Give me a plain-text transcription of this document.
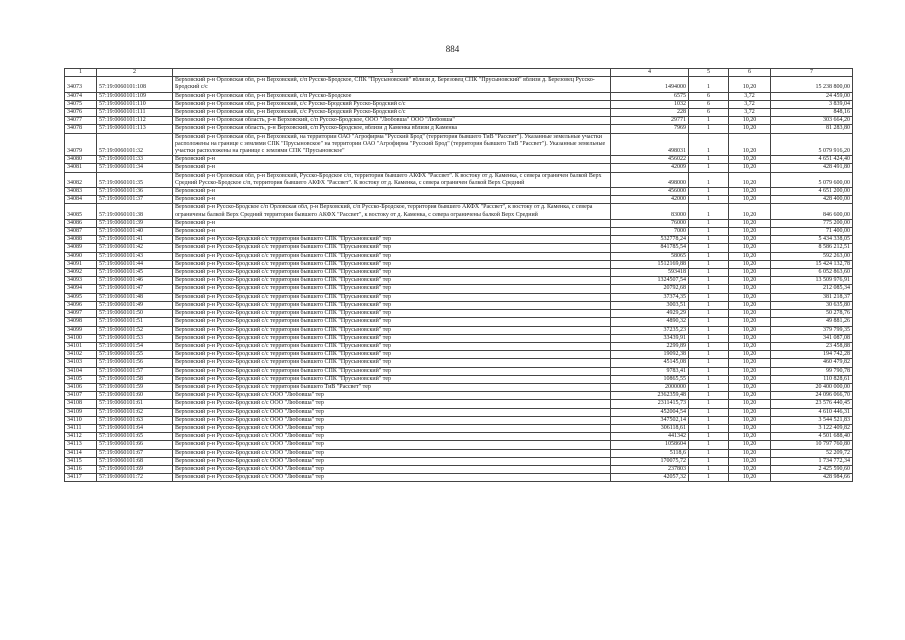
884
1	2	3	4	5	6	7
34073	57:19:0060101:108	Верховский р-н Орловская обл, р-н Верховский, с/п Русско-Бродское, СПК "Прусыновский" вблизи д. Березовец СПК "Прусыновский" вблизи д. Березовец Русско-Бродский с/с	1494000	1	10,20	15 238 800,00
34074	57:19:0060101:109	Верховский р-н Орловская обл, р-н Верховский, с/п Русско-Бродское	6575	6	3,72	24 459,00
34075	57:19:0060101:110	Верховский р-н Орловская обл, р-н Верховский, с/с Русско-Бродский Русско-Бродский с/с	1032	6	3,72	3 839,04
34076	57:19:0060101:111	Верховский р-н Орловская обл, р-н Верховский, с/с Русско-Бродский Русско-Бродский с/с	228	6	3,72	848,16
34077	57:19:0060101:112	Верховский р-н Орловская область, р-н Верховский, с/п Русско-Бродское, ООО "Любовша" ООО "Любовша"	29771	1	10,20	303 664,20
34078	57:19:0060101:113	Верховский р-н Орловская область, р-н Верховский, с/п Русско-Бродское, вблизи д Каменка вблизи д Каменка	7969	1	10,20	81 283,80
34079	57:19:0060101:32	Верховский р-н Орловская обл, р-н Верховский, на территории ОАО "Агрофирма "Русский Брод" (территория бывшего ТиВ "Рассвет"). Указанные земельные участки расположены на границе с землями СПК "Прусыновское" на территории ОАО "Агрофирма "Русский Брод" (территория бывшего ТиВ "Рассвет"). Указанные земельные участки расположены на границе с землями СПК "Прусыновское"	498031	1	10,20	5 079 916,20
34080	57:19:0060101:33	Верховский р-н	456022	1	10,20	4 651 424,40
34081	57:19:0060101:34	Верховский р-н	42009	1	10,20	428 491,80
34082	57:19:0060101:35	Верховский р-н Орловская обл, р-н Верховский, Русско-Бродское с/п, территория бывшего АКФХ "Рассвет". К востоку от д. Каменка, с севера ограничен балкой Верх Средний Русско-Бродское с/п, территория бывшего АКФХ "Рассвет". К востоку от д. Каменка, с севера ограничен балкой Верх Средний	498000	1	10,20	5 079 600,00
34083	57:19:0060101:36	Верховский р-н	456000	1	10,20	4 651 200,00
34084	57:19:0060101:37	Верховский р-н	42000	1	10,20	428 400,00
34085	57:19:0060101:38	Верховский р-н Русско-Бродское с/п Орловская обл, р-н Верховский, с/п Русско-Бродское, территория бывшего АКФХ "Рассвет", к востоку от д. Каменка, с севера ограничены балкой Верх Средний территория бывшего АКФХ "Рассвет", к востоку от д. Каменка, с севера ограничены балкой Верх Средний	83000	1	10,20	846 600,00
34086	57:19:0060101:39	Верховский р-н	76000	1	10,20	775 200,00
34087	57:19:0060101:40	Верховский р-н	7000	1	10,20	71 400,00
34088	57:19:0060101:41	Верховский р-н Русско-Бродский с/с территория бывшего СПК "Прусыновский" тер	532778,24	1	10,20	5 434 338,05
34089	57:19:0060101:42	Верховский р-н Русско-Бродский с/с территория бывшего СПК "Прусыновский" тер	841785,54	1	10,20	8 586 212,51
34090	57:19:0060101:43	Верховский р-н Русско-Бродский с/с территория бывшего СПК "Прусыновский" тер	58065	1	10,20	592 263,00
34091	57:19:0060101:44	Верховский р-н Русско-Бродский с/с территория бывшего СПК "Прусыновский" тер	1512169,88	1	10,20	15 424 132,78
34092	57:19:0060101:45	Верховский р-н Русско-Бродский с/с территория бывшего СПК "Прусыновский" тер	593418	1	10,20	6 052 863,60
34093	57:19:0060101:46	Верховский р-н Русско-Бродский с/с территория бывшего СПК "Прусыновский" тер	1324507,54	1	10,20	13 509 976,91
34094	57:19:0060101:47	Верховский р-н Русско-Бродский с/с территория бывшего СПК "Прусыновский" тер	20792,68	1	10,20	212 085,34
34095	57:19:0060101:48	Верховский р-н Русско-Бродский с/с территория бывшего СПК "Прусыновский" тер	37374,35	1	10,20	381 218,37
34096	57:19:0060101:49	Верховский р-н Русско-Бродский с/с территория бывшего СПК "Прусыновский" тер	3003,51	1	10,20	30 635,80
34097	57:19:0060101:50	Верховский р-н Русско-Бродский с/с территория бывшего СПК "Прусыновский" тер	4929,29	1	10,20	50 278,76
34098	57:19:0060101:51	Верховский р-н Русско-Бродский с/с территория бывшего СПК "Прусыновский" тер	4890,32	1	10,20	49 881,26
34099	57:19:0060101:52	Верховский р-н Русско-Бродский с/с территория бывшего СПК "Прусыновский" тер	37235,23	1	10,20	379 799,35
34100	57:19:0060101:53	Верховский р-н Русско-Бродский с/с территория бывшего СПК "Прусыновский" тер	33439,91	1	10,20	341 087,08
34101	57:19:0060101:54	Верховский р-н Русско-Бродский с/с территория бывшего СПК "Прусыновский" тер	2299,89	1	10,20	23 458,88
34102	57:19:0060101:55	Верховский р-н Русско-Бродский с/с территория бывшего СПК "Прусыновский" тер	19092,38	1	10,20	194 742,28
34103	57:19:0060101:56	Верховский р-н Русско-Бродский с/с территория бывшего СПК "Прусыновский" тер	45145,08	1	10,20	460 479,82
34104	57:19:0060101:57	Верховский р-н Русско-Бродский с/с территория бывшего СПК "Прусыновский" тер	9783,41	1	10,20	99 790,78
34105	57:19:0060101:58	Верховский р-н Русско-Бродский с/с территория бывшего СПК "Прусыновский" тер	10865,55	1	10,20	110 828,61
34106	57:19:0060101:59	Верховский р-н Русско-Бродский с/с территория бывшего ТиВ "Рассвет" тер	2000000	1	10,20	20 400 000,00
34107	57:19:0060101:60	Верховский р-н Русско-Бродский с/с ООО "Любовша" тер	2362359,48	1	10,20	24 096 066,70
34108	57:19:0060101:61	Верховский р-н Русско-Бродский с/с ООО "Любовша" тер	2311415,73	1	10,20	23 576 440,45
34109	57:19:0060101:62	Верховский р-н Русско-Бродский с/с ООО "Любовша" тер	452004,54	1	10,20	4 610 446,31
34110	57:19:0060101:63	Верховский р-н Русско-Бродский с/с ООО "Любовша" тер	347502,14	1	10,20	3 544 521,83
34111	57:19:0060101:64	Верховский р-н Русско-Бродский с/с ООО "Любовша" тер	306118,61	1	10,20	3 122 409,82
34112	57:19:0060101:65	Верховский р-н Русско-Бродский с/с ООО "Любовша" тер	441342	1	10,20	4 501 688,40
34113	57:19:0060101:66	Верховский р-н Русско-Бродский с/с ООО "Любовша" тер	1058604	1	10,20	10 797 760,80
34114	57:19:0060101:67	Верховский р-н Русско-Бродский с/с ООО "Любовша" тер	5118,6	1	10,20	52 209,72
34115	57:19:0060101:68	Верховский р-н Русско-Бродский с/с ООО "Любовша" тер	170075,72	1	10,20	1 734 772,34
34116	57:19:0060101:69	Верховский р-н Русско-Бродский с/с ООО "Любовша" тер	237803	1	10,20	2 425 590,60
34117	57:19:0060101:72	Верховский р-н Русско-Бродский с/с ООО "Любовша" тер	42057,32	1	10,20	428 984,66
